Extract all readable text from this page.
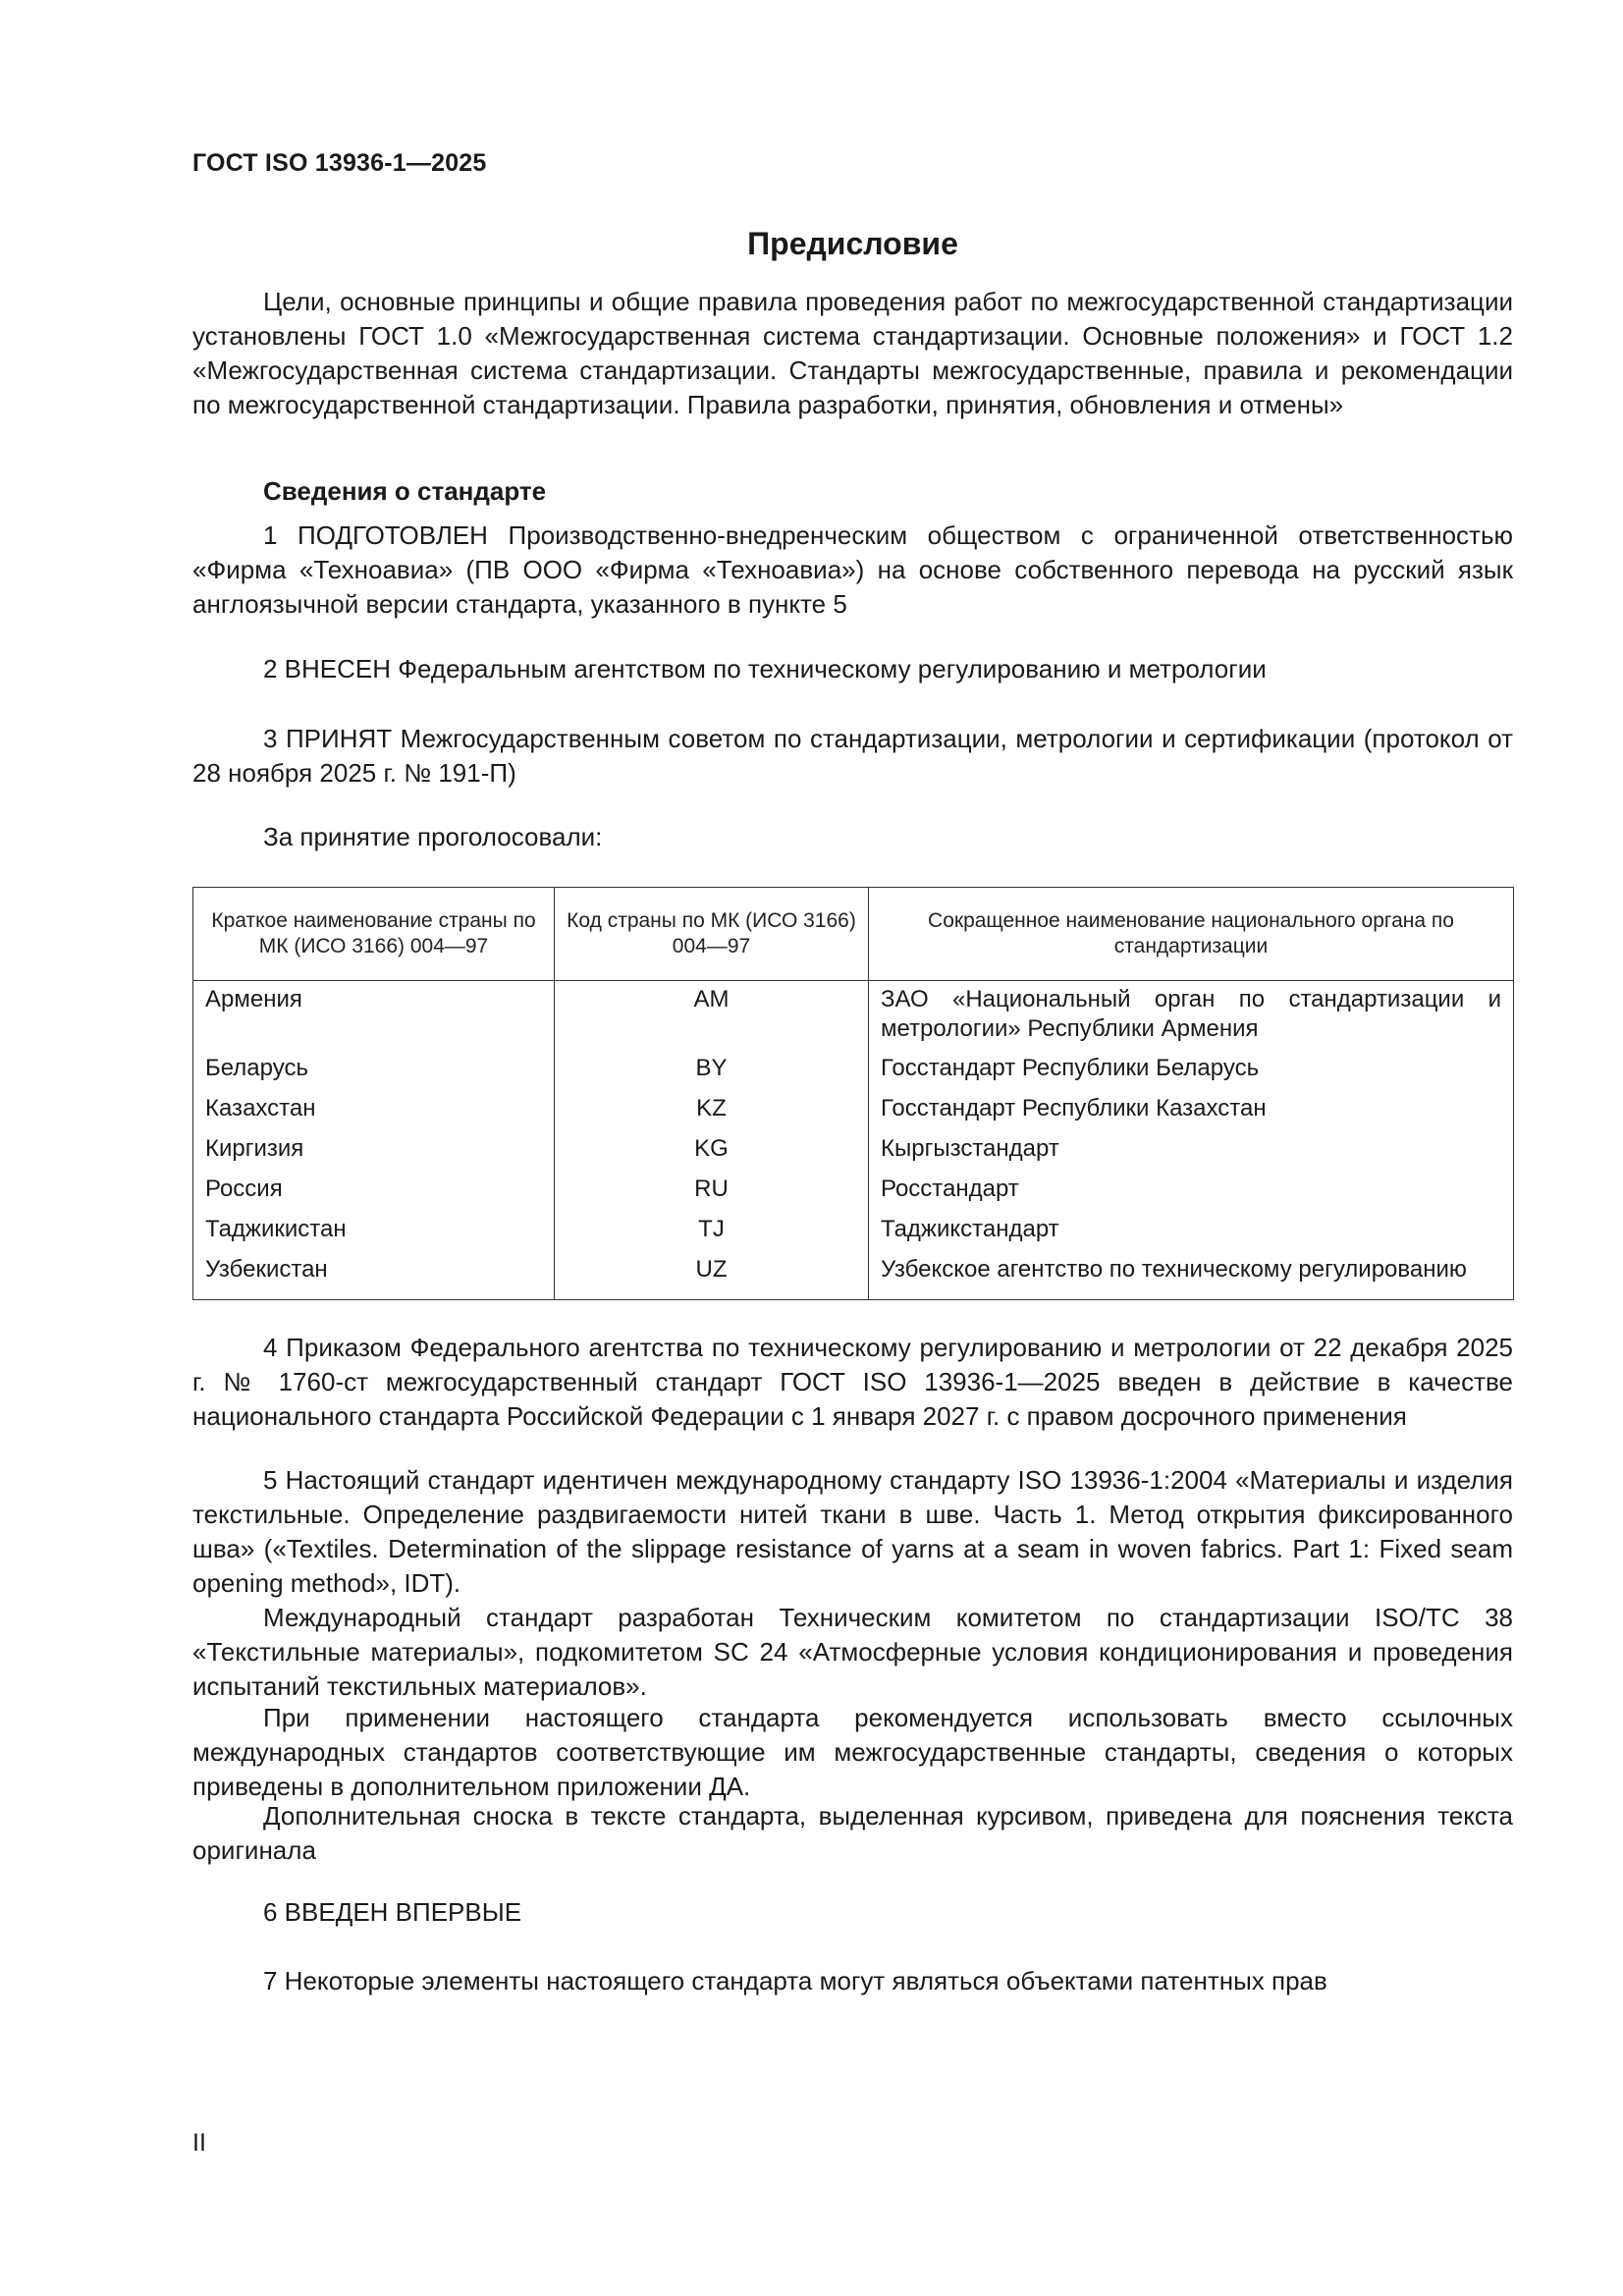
ГОСТ ISO 13936-1—2025
Предисловие

Цели, основные принципы и общие правила проведения работ по межгосударственной стандартизации установлены ГОСТ 1.0 «Межгосударственная система стандартизации. Основные положения» и ГОСТ 1.2 «Межгосударственная система стандартизации. Стандарты межгосударственные, правила и рекомендации по межгосударственной стандартизации. Правила разработки, принятия, обновления и отмены»

Сведения о стандарте

1 ПОДГОТОВЛЕН Производственно-внедренческим обществом с ограниченной ответственностью «Фирма «Техноавиа» (ПВ ООО «Фирма «Техноавиа») на основе собственного перевода на русский язык англоязычной версии стандарта, указанного в пункте 5

2 ВНЕСЕН Федеральным агентством по техническому регулированию и метрологии

3 ПРИНЯТ Межгосударственным советом по стандартизации, метрологии и сертификации (протокол от 28 ноября 2025 г. № 191-П)

За принятие проголосовали:

Краткое наименование страны по МК (ИСО 3166) 004—97	Код страны по МК (ИСО 3166) 004—97	Сокращенное наименование национального органа по стандартизации
Армения	AM	ЗАО «Национальный орган по стандартизации и метрологии» Республики Армения
Беларусь	BY	Госстандарт Республики Беларусь
Казахстан	KZ	Госстандарт Республики Казахстан
Киргизия	KG	Кыргызстандарт
Россия	RU	Росстандарт
Таджикистан	TJ	Таджикстандарт
Узбекистан	UZ	Узбекское агентство по техническому регулированию

4 Приказом Федерального агентства по техническому регулированию и метрологии от 22 декабря 2025 г. № 1760-ст межгосударственный стандарт ГОСТ ISO 13936-1—2025 введен в действие в качестве национального стандарта Российской Федерации с 1 января 2027 г. с правом досрочного применения

5 Настоящий стандарт идентичен международному стандарту ISO 13936-1:2004 «Материалы и изделия текстильные. Определение раздвигаемости нитей ткани в шве. Часть 1. Метод открытия фиксированного шва» («Textiles. Determination of the slippage resistance of yarns at a seam in woven fabrics. Part 1: Fixed seam opening method», IDT).

Международный стандарт разработан Техническим комитетом по стандартизации ISO/TC 38 «Текстильные материалы», подкомитетом SC 24 «Атмосферные условия кондиционирования и проведения испытаний текстильных материалов».

При применении настоящего стандарта рекомендуется использовать вместо ссылочных международных стандартов соответствующие им межгосударственные стандарты, сведения о которых приведены в дополнительном приложении ДА.

Дополнительная сноска в тексте стандарта, выделенная курсивом, приведена для пояснения текста оригинала

6 ВВЕДЕН ВПЕРВЫЕ

7 Некоторые элементы настоящего стандарта могут являться объектами патентных прав

II
